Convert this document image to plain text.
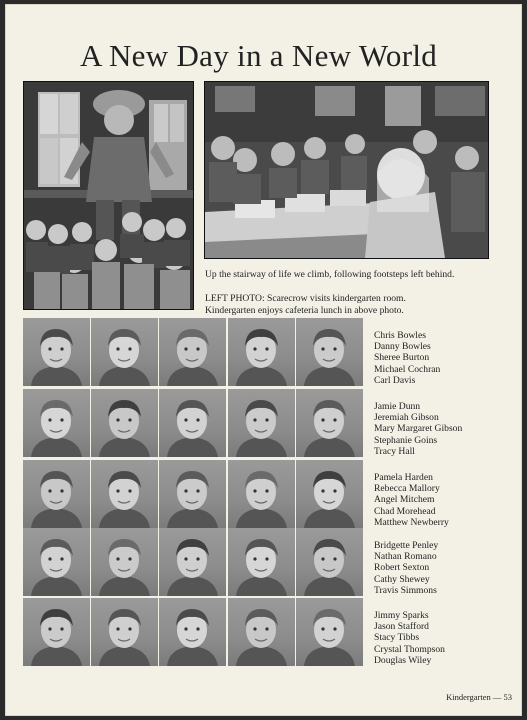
A New Day in a New World
Up the stairway of life we climb, following footsteps left behind.
LEFT PHOTO: Scarecrow visits kindergarten room.
Kindergarten enjoys cafeteria lunch in above photo.
Chris Bowles
Danny Bowles
Sheree Burton
Michael Cochran
Carl Davis
Jamie Dunn
Jeremiah Gibson
Mary Margaret Gibson
Stephanie Goins
Tracy Hall
Pamela Harden
Rebecca Mallory
Angel Mitchem
Chad Morehead
Matthew Newberry
Bridgette Penley
Nathan Romano
Robert Sexton
Cathy Shewey
Travis Simmons
Jimmy Sparks
Jason Stafford
Stacy Tibbs
Crystal Thompson
Douglas Wiley
Kindergarten — 53
